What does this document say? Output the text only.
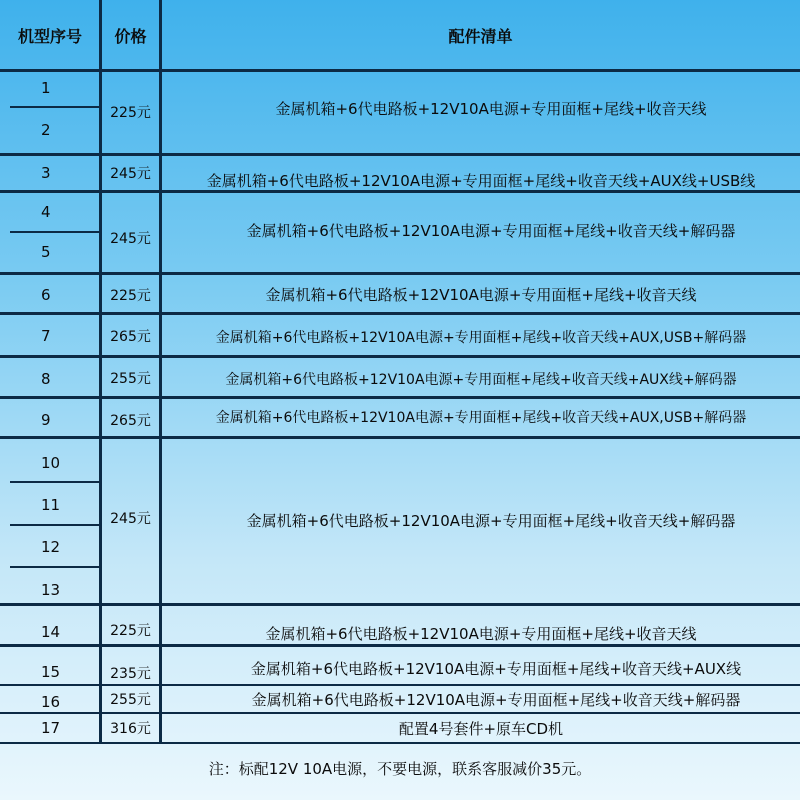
机型序号	价格	配件清单
1
2
3
4
5
6
7
8
9
10
11
12
13
14
15
16
17
225元
245元
245元
225元
265元
255元
265元
245元
225元
235元
255元
316元
金属机箱+6代电路板+12V10A电源+专用面框+尾线+收音天线
金属机箱+6代电路板+12V10A电源+专用面框+尾线+收音天线+AUX线+USB线
金属机箱+6代电路板+12V10A电源+专用面框+尾线+收音天线+解码器
金属机箱+6代电路板+12V10A电源+专用面框+尾线+收音天线
金属机箱+6代电路板+12V10A电源+专用面框+尾线+收音天线+AUX,USB+解码器
金属机箱+6代电路板+12V10A电源+专用面框+尾线+收音天线+AUX线+解码器
金属机箱+6代电路板+12V10A电源+专用面框+尾线+收音天线+AUX,USB+解码器
金属机箱+6代电路板+12V10A电源+专用面框+尾线+收音天线+解码器
金属机箱+6代电路板+12V10A电源+专用面框+尾线+收音天线
金属机箱+6代电路板+12V10A电源+专用面框+尾线+收音天线+AUX线
金属机箱+6代电路板+12V10A电源+专用面框+尾线+收音天线+解码器
配置4号套件+原车CD机
注：标配12V 10A电源，不要电源，联系客服减价35元。
